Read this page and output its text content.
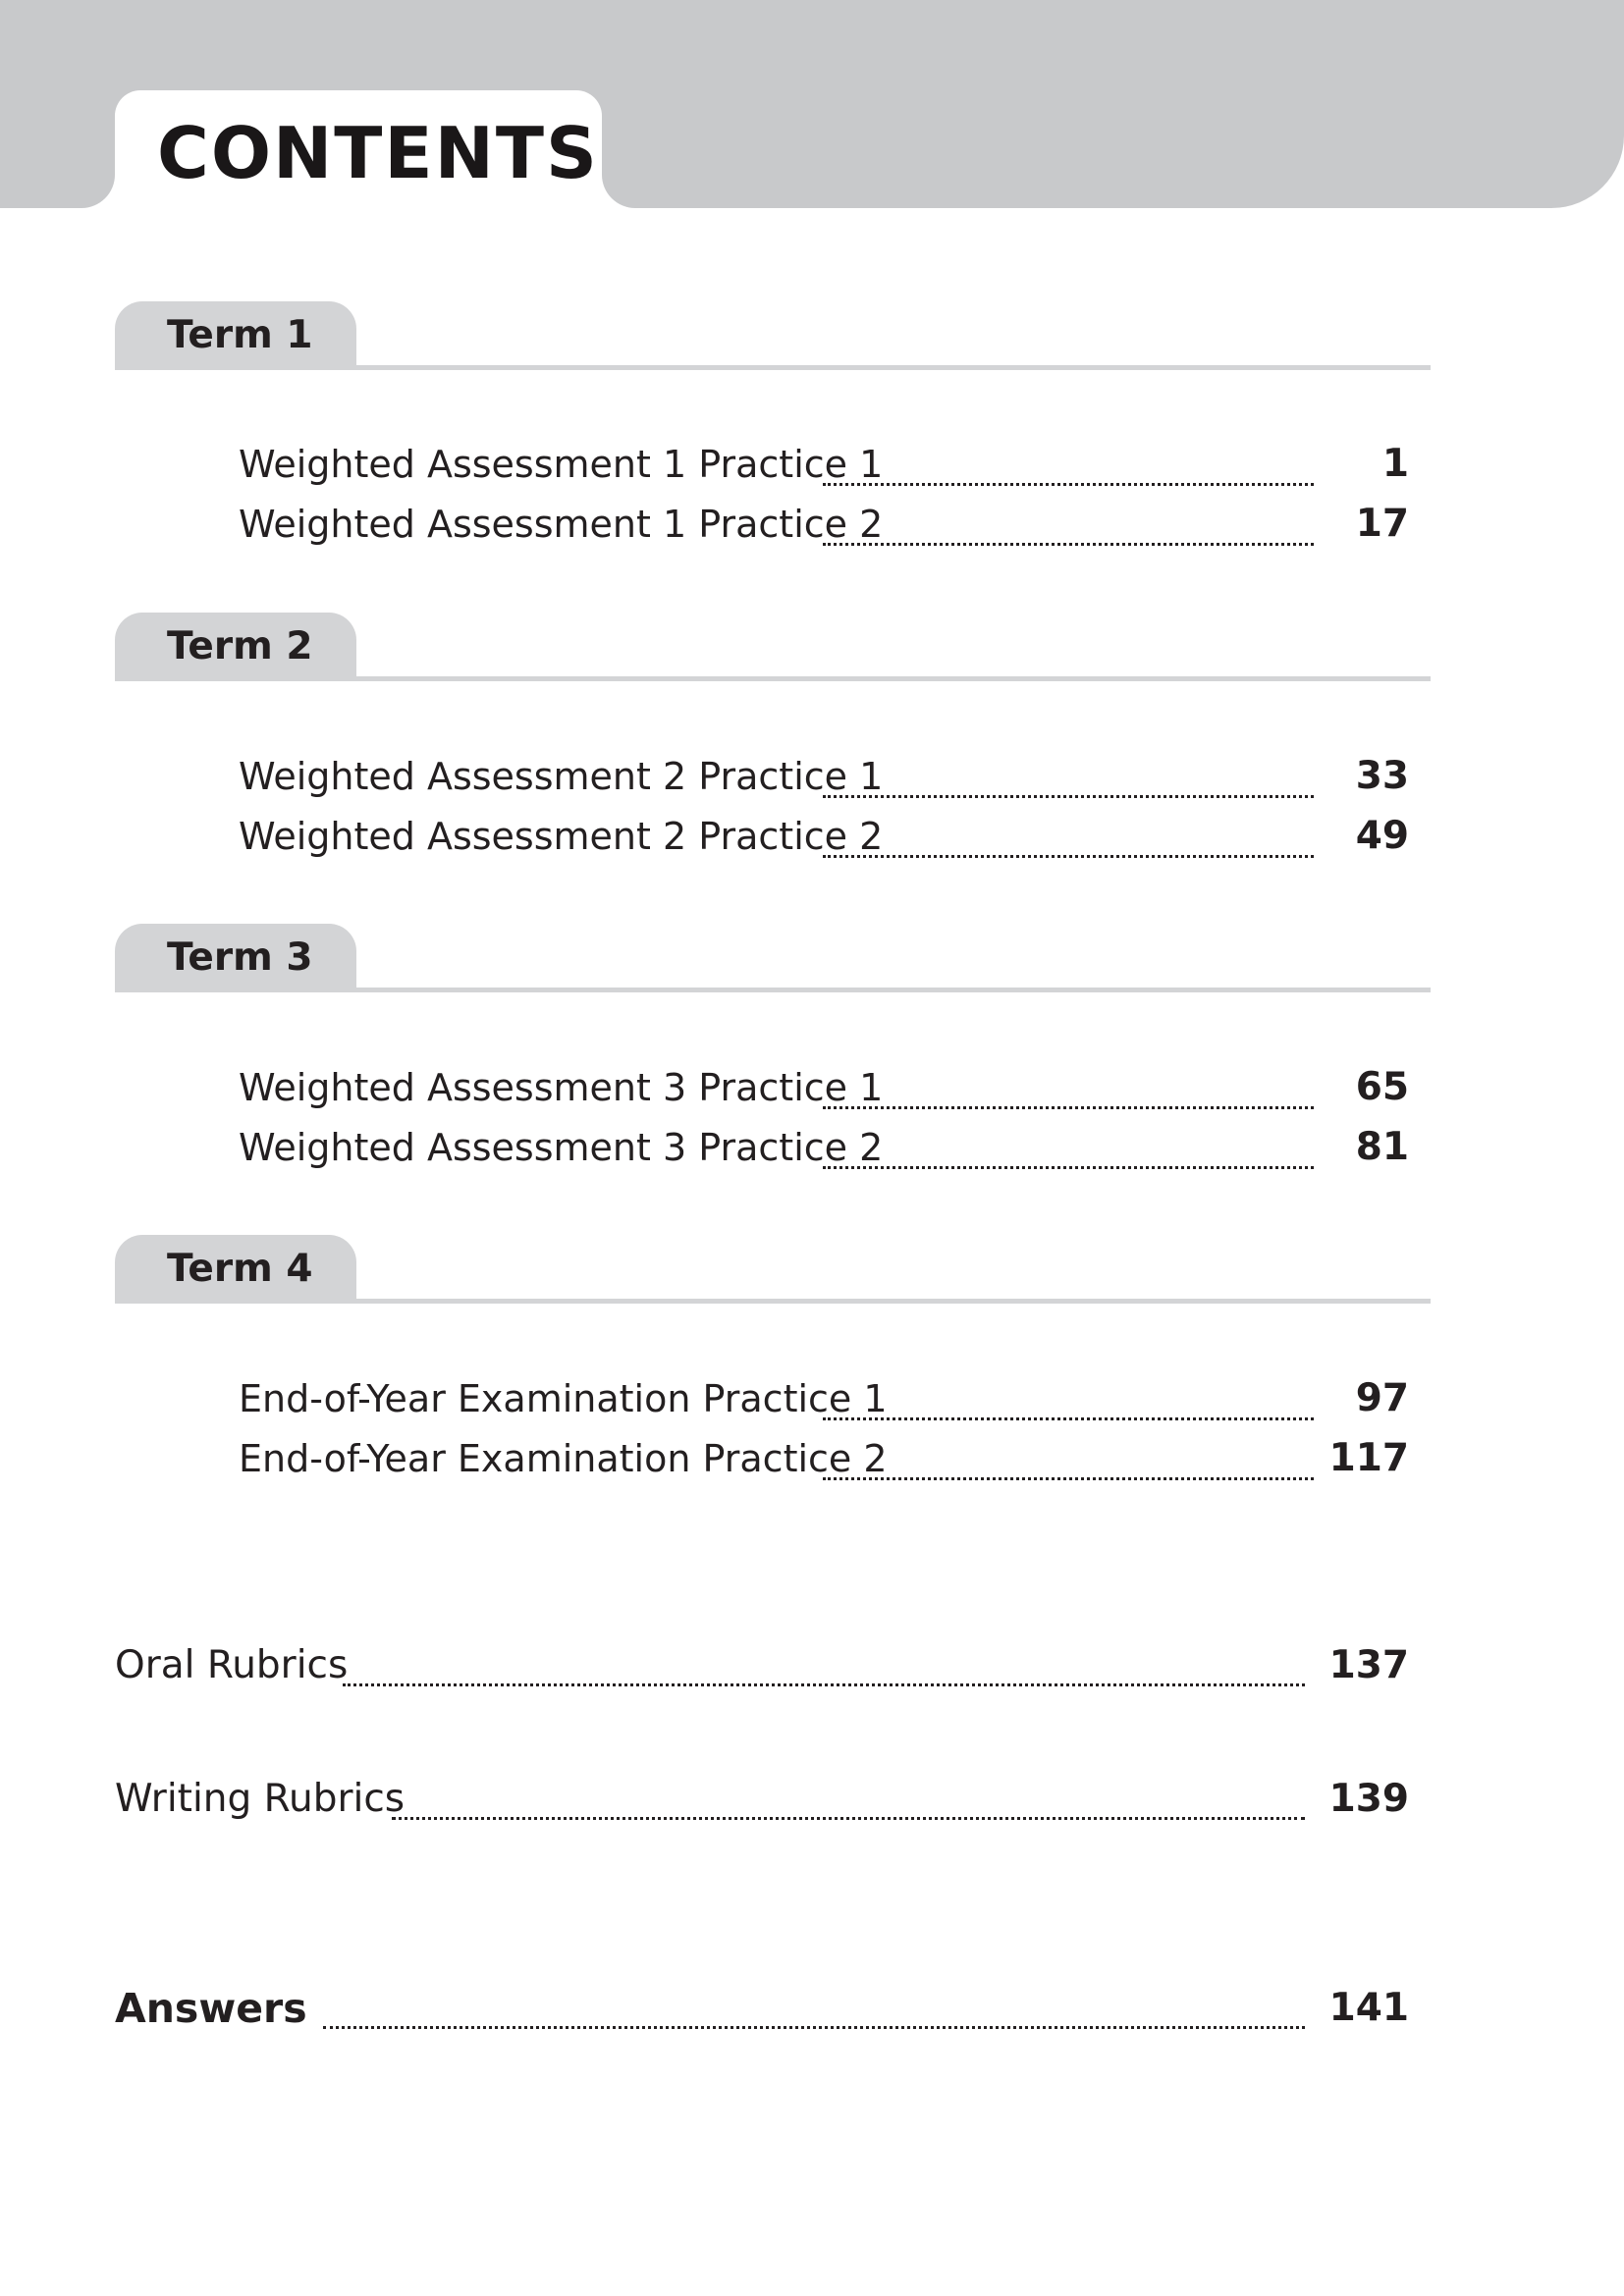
CONTENTS
Term 1
Weighted Assessment 1 Practice 1	1
Weighted Assessment 1 Practice 2	17
Term 2
Weighted Assessment 2 Practice 1	33
Weighted Assessment 2 Practice 2	49
Term 3
Weighted Assessment 3 Practice 1	65
Weighted Assessment 3 Practice 2	81
Term 4
End-of-Year Examination Practice 1	97
End-of-Year Examination Practice 2	117
Oral Rubrics	137
Writing Rubrics	139
Answers	141
